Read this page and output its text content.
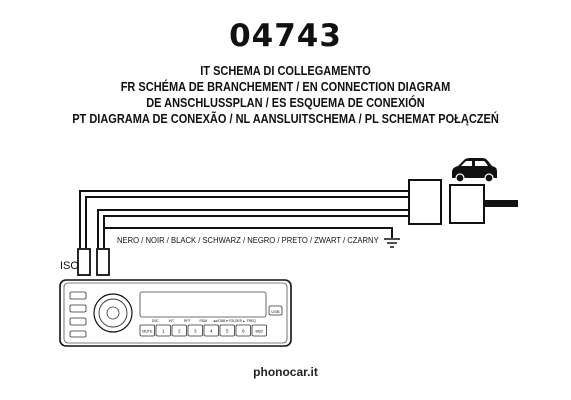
04743
IT SCHEMA DI COLLEGAMENTO
FR SCHÉMA DE BRANCHEMENT / EN CONNECTION DIAGRAM
DE ANSCHLUSSPLAN / ES ESQUEMA DE CONEXIÓN
PT DIAGRAMA DE CONEXÃO / NL AANSLUITSCHEMA / PL SCHEMAT POŁĄCZEŃ
USB
DSC	INT	RPT	RDM ◂◂ ATAB ▾ FOLDER ▴ FREQ
MUTE 1	2	3	4	5	6	BND
ISO
NERO / NOIR / BLACK / SCHWARZ / NEGRO / PRETO / ZWART / CZARNY
phonocar.it
